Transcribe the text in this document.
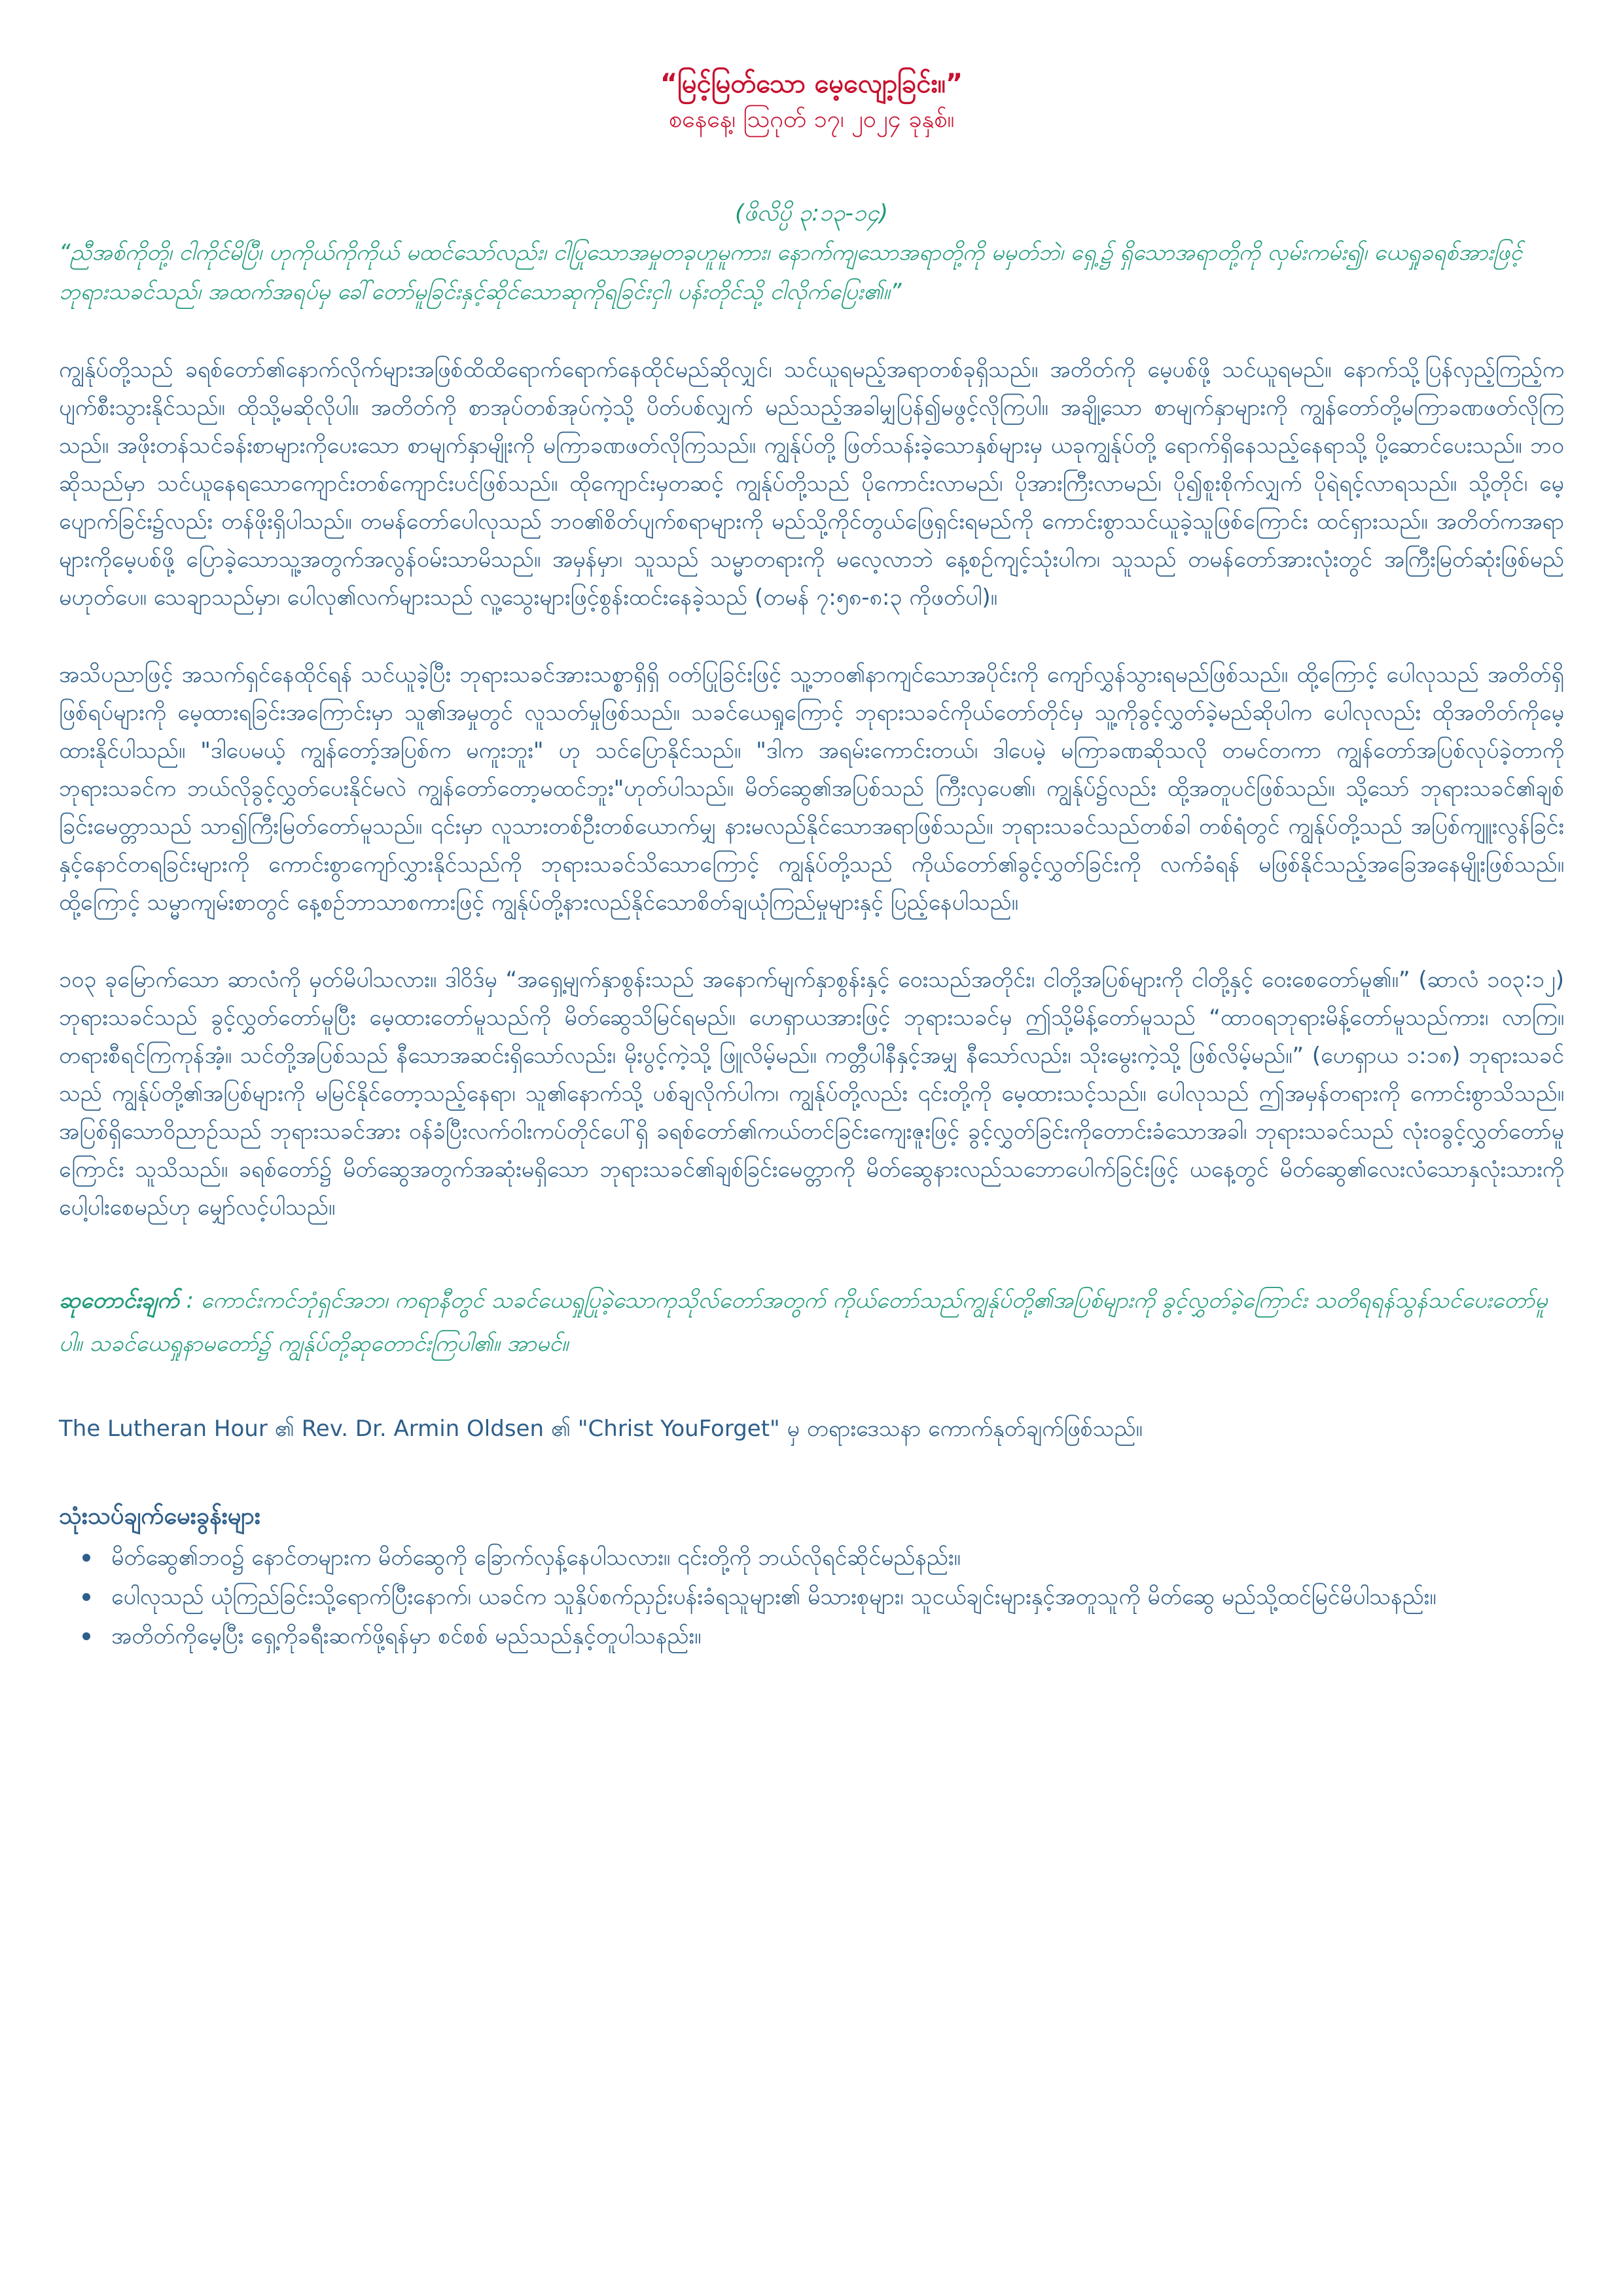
“မြင့်မြတ်သော မေ့လျော့ခြင်း။”
စနေနေ့၊ ဩဂုတ် ၁၇၊ ၂၀၂၄ ခုနှစ်။
(ဖိလိပ္ပိ ၃:၁၃-၁၄)
“ညီအစ်ကိုတို့၊ ငါကိုင်မိပြီ၊ ဟုကိုယ်ကိုကိုယ် မထင်သော်လည်း၊ ငါပြုသောအမှုတခုဟူမူကား၊ နောက်ကျသောအရာတို့ကို မမှတ်ဘဲ၊ ရှေ့၌ ရှိသောအရာတို့ကို လှမ်းကမ်း၍၊ ယေရှုခရစ်အားဖြင့် ဘုရားသခင်သည်၊ အထက်အရပ်မှ ခေါ်တော်မူခြင်းနှင့်ဆိုင်သောဆုကိုရခြင်းငှါ၊ ပန်းတိုင်သို့ ငါလိုက်ပြေး၏။”
ကျွန်ုပ်တို့သည် ခရစ်တော်၏နောက်လိုက်များအဖြစ်ထိထိရောက်ရောက်နေထိုင်မည်ဆိုလျှင်၊ သင်ယူရမည့်အရာတစ်ခုရှိသည်။ အတိတ်ကို မေ့ပစ်ဖို့ သင်ယူရမည်။ နောက်သို့ပြန်လှည့်ကြည့်က ပျက်စီးသွားနိုင်သည်။ ထိုသို့မဆိုလိုပါ။ အတိတ်ကို စာအုပ်တစ်အုပ်ကဲ့သို့ ပိတ်ပစ်လျှက် မည်သည့်အခါမျှပြန်၍မဖွင့်လိုကြပါ။ အချို့သော စာမျက်နှာများကို ကျွန်တော်တို့မကြာခဏဖတ်လိုကြသည်။ အဖိုးတန်သင်ခန်းစာများကိုပေးသော စာမျက်နှာမျိုးကို မကြာခဏဖတ်လိုကြသည်။ ကျွန်ုပ်တို့ ဖြတ်သန်းခဲ့သောနှစ်များမှ ယခုကျွန်ုပ်တို့ ရောက်ရှိနေသည့်နေရာသို့ ပို့ဆောင်ပေးသည်။ ဘဝဆိုသည်မှာ သင်ယူနေရသောကျောင်းတစ်ကျောင်းပင်ဖြစ်သည်။ ထိုကျောင်းမှတဆင့် ကျွန်ုပ်တို့သည် ပိုကောင်းလာမည်၊ ပိုအားကြီးလာမည်၊ ပို၍စူးစိုက်လျှက် ပိုရဲရင့်လာရသည်။ သို့တိုင်၊ မေ့ပျောက်ခြင်း၌လည်း တန်ဖိုးရှိပါသည်။ တမန်တော်ပေါလုသည် ဘဝ၏စိတ်ပျက်စရာများကို မည်သို့ကိုင်တွယ်ဖြေရှင်းရမည်ကို ကောင်းစွာသင်ယူခဲ့သူဖြစ်ကြောင်း ထင်ရှားသည်။ အတိတ်ကအရာများကိုမေ့ပစ်ဖို့ ပြောခဲ့သောသူ့အတွက်အလွန်ဝမ်းသာမိသည်။ အမှန်မှာ၊ သူသည် သမ္မာတရားကို မလေ့လာဘဲ နေ့စဉ်ကျင့်သုံးပါက၊ သူသည် တမန်တော်အားလုံးတွင် အကြီးမြတ်ဆုံးဖြစ်မည်မဟုတ်ပေ။ သေချာသည်မှာ၊ ပေါလု၏လက်များသည် လူ့သွေးများဖြင့်စွန်းထင်းနေခဲ့သည် (တမန် ၇:၅၈-၈:၃ ကိုဖတ်ပါ)။
အသိပညာဖြင့် အသက်ရှင်နေထိုင်ရန် သင်ယူခဲ့ပြီး ဘုရားသခင်အားသစ္စာရှိရှိ ဝတ်ပြုခြင်းဖြင့် သူ့ဘဝ၏နာကျင်သောအပိုင်းကို ကျော်လွှန်သွားရမည်ဖြစ်သည်။ ထို့ကြောင့် ပေါလုသည် အတိတ်ရှိဖြစ်ရပ်များကို မေ့ထားရခြင်းအကြောင်းမှာ သူ၏အမှုတွင် လူသတ်မှုဖြစ်သည်။ သခင်ယေရှုကြောင့် ဘုရားသခင်ကိုယ်တော်တိုင်မှ သူ့ကိုခွင့်လွှတ်ခဲ့မည်ဆိုပါက ပေါလုလည်း ထိုအတိတ်ကိုမေ့ထားနိုင်ပါသည်။ "ဒါပေမယ့် ကျွန်တော့်အပြစ်က မကူးဘူး" ဟု သင်ပြောနိုင်သည်။ "ဒါက အရမ်းကောင်းတယ်၊ ဒါပေမဲ့ မကြာခဏဆိုသလို တမင်တကာ ကျွန်တော်အပြစ်လုပ်ခဲ့တာကို ဘုရားသခင်က ဘယ်လိုခွင့်လွှတ်ပေးနိုင်မလဲ ကျွန်တော်တော့မထင်ဘူး"ဟုတ်ပါသည်။ မိတ်ဆွေ၏အပြစ်သည် ကြီးလှပေ၏၊ ကျွန်ုပ်၌လည်း ထို့အတူပင်ဖြစ်သည်။ သို့သော် ဘုရားသခင်၏ချစ်ခြင်းမေတ္တာသည် သာ၍ကြီးမြတ်တော်မူသည်။ ၎င်းမှာ လူသားတစ်ဦးတစ်ယောက်မျှ နားမလည်နိုင်သောအရာဖြစ်သည်။ ဘုရားသခင်သည်တစ်ခါ တစ်ရံတွင် ကျွန်ုပ်တို့သည် အပြစ်ကျူးလွန်ခြင်းနှင့်နောင်တရခြင်းများကို ကောင်းစွာကျော်လွှားနိုင်သည်ကို ဘုရားသခင်သိသောကြောင့် ကျွန်ုပ်တို့သည် ကိုယ်တော်၏ခွင့်လွှတ်ခြင်းကို လက်ခံရန် မဖြစ်နိုင်သည့်အခြေအနေမျိုးဖြစ်သည်။ ထို့ကြောင့် သမ္မာကျမ်းစာတွင် နေ့စဉ်ဘာသာစကားဖြင့် ကျွန်ုပ်တို့နားလည်နိုင်သောစိတ်ချယုံကြည်မှုများနှင့် ပြည့်နေပါသည်။
၁၀၃ ခုမြောက်သော ဆာလံကို မှတ်မိပါသလား။ ဒါဝိဒ်မှ “အရှေ့မျက်နှာစွန်းသည် အနောက်မျက်နှာစွန်းနှင့် ဝေးသည်အတိုင်း၊ ငါတို့အပြစ်များကို ငါတို့နှင့် ဝေးစေတော်မူ၏။” (ဆာလံ ၁၀၃:၁၂) ဘုရားသခင်သည် ခွင့်လွှတ်တော်မူပြီး မေ့ထားတော်မူသည်ကို မိတ်ဆွေသိမြင်ရမည်။ ဟေရှာယအားဖြင့် ဘုရားသခင်မှ ဤသို့မိန့်တော်မူသည် “ထာဝရဘုရားမိန့်တော်မူသည်ကား၊ လာကြ။ တရားစီရင်ကြကုန်အံ့။ သင်တို့အပြစ်သည် နီသောအဆင်းရှိသော်လည်း၊ မိုးပွင့်ကဲ့သို့ ဖြူလိမ့်မည်။ ကတ္တီပါနီနှင့်အမျှ နီသော်လည်း၊ သိုးမွေးကဲ့သို့ ဖြစ်လိမ့်မည်။” (ဟေရှာယ ၁:၁၈) ဘုရားသခင်သည် ကျွန်ုပ်တို့၏အပြစ်များကို မမြင်နိုင်တော့သည့်နေရာ၊ သူ၏နောက်သို့ ပစ်ချလိုက်ပါက၊ ကျွန်ုပ်တို့လည်း ၎င်းတို့ကို မေ့ထားသင့်သည်။ ပေါလုသည် ဤအမှန်တရားကို ကောင်းစွာသိသည်။ အပြစ်ရှိသောဝိညာဉ်သည် ဘုရားသခင်အား ဝန်ခံပြီးလက်ဝါးကပ်တိုင်ပေါ်ရှိ ခရစ်တော်၏ကယ်တင်ခြင်းကျေးဇူးဖြင့် ခွင့်လွှတ်ခြင်းကိုတောင်းခံသောအခါ၊ ဘုရားသခင်သည် လုံးဝခွင့်လွှတ်တော်မူကြောင်း သူသိသည်။ ခရစ်တော်၌ မိတ်ဆွေအတွက်အဆုံးမရှိသော ဘုရားသခင်၏ချစ်ခြင်းမေတ္တာကို မိတ်ဆွေနားလည်သဘောပေါက်ခြင်းဖြင့် ယနေ့တွင် မိတ်ဆွေ၏လေးလံသောနှလုံးသားကို ပေါ့ပါးစေမည်ဟု မျှော်လင့်ပါသည်။
ဆုတောင်းချက် : ကောင်းကင်ဘုံရှင်အဘ၊ ကရာနီတွင် သခင်ယေရှုပြုခဲ့သောကုသိုလ်တော်အတွက် ကိုယ်တော်သည်ကျွန်ုပ်တို့၏အပြစ်များကို ခွင့်လွှတ်ခဲ့ကြောင်း သတိရရန်သွန်သင်ပေးတော်မူပါ။ သခင်ယေရှုနာမတော်၌ ကျွန်ုပ်တို့ဆုတောင်းကြပါ၏။ အာမင်။
The Lutheran Hour ၏ Rev. Dr. Armin Oldsen ၏ "Christ YouForget" မှ တရားဒေသနာ ကောက်နုတ်ချက်ဖြစ်သည်။
သုံးသပ်ချက်မေးခွန်းများ
မိတ်ဆွေ၏ဘဝ၌ နောင်တများက မိတ်ဆွေကို ခြောက်လှန့်နေပါသလား။ ၎င်းတို့ကို ဘယ်လိုရင်ဆိုင်မည်နည်း။
ပေါလုသည် ယုံကြည်ခြင်းသို့ရောက်ပြီးနောက်၊ ယခင်က သူနှိပ်စက်ညှဉ်းပန်းခံရသူများ၏ မိသားစုများ၊ သူငယ်ချင်းများနှင့်အတူသူကို မိတ်ဆွေ မည်သို့ထင်မြင်မိပါသနည်း။
အတိတ်ကိုမေ့ပြီး ရှေ့ကိုခရီးဆက်ဖို့ရန်မှာ စင်စစ် မည်သည်နှင့်တူပါသနည်း။
